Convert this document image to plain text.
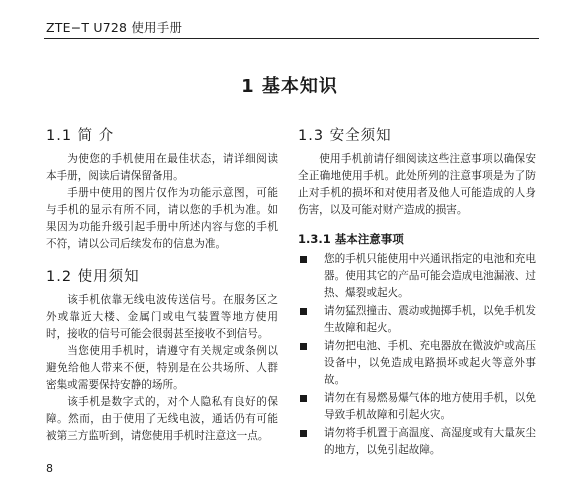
ZTE−T U728 使用手册
1 基本知识
1.1 简 介

为使您的手机使用在最佳状态，请详细阅读本手册，阅读后请保留备用。

手册中使用的图片仅作为功能示意图，可能与手机的显示有所不同，请以您的手机为准。如果因为功能升级引起手册中所述内容与您的手机不符，请以公司后续发布的信息为准。

1.2 使用须知

该手机依靠无线电波传送信号。在服务区之外或靠近大楼、金属门或电气装置等地方使用时，接收的信号可能会很弱甚至接收不到信号。

当您使用手机时，请遵守有关规定或条例以避免给他人带来不便，特别是在公共场所、人群密集或需要保持安静的场所。

该手机是数字式的，对个人隐私有良好的保障。然而，由于使用了无线电波，通话仍有可能被第三方监听到，请您使用手机时注意这一点。

1.3 安全须知

使用手机前请仔细阅读这些注意事项以确保安全正确地使用手机。此处所列的注意事项是为了防止对手机的损坏和对使用者及他人可能造成的人身伤害，以及可能对财产造成的损害。

1.3.1 基本注意事项
您的手机只能使用中兴通讯指定的电池和充电器。使用其它的产品可能会造成电池漏液、过热、爆裂或起火。
请勿猛烈撞击、震动或抛掷手机，以免手机发生故障和起火。
请勿把电池、手机、充电器放在微波炉或高压设备中，以免造成电路损坏或起火等意外事故。
请勿在有易燃易爆气体的地方使用手机，以免导致手机故障和引起火灾。
请勿将手机置于高温度、高湿度或有大量灰尘的地方，以免引起故障。
8
